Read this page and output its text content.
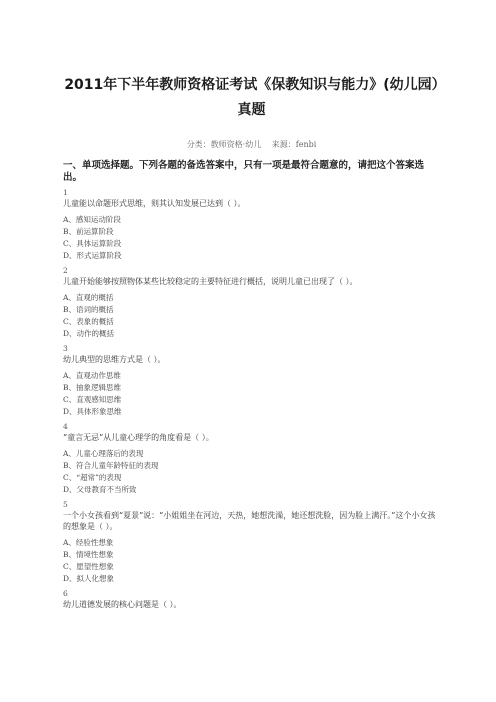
2011年下半年教师资格证考试《保教知识与能力》(幼儿园）真题
分类：教师资格·幼儿 来源：fenbi
一、单项选择题。下列各题的备选答案中，只有一项是最符合题意的，请把这个答案选出。
1
儿童能以命题形式思维，则其认知发展已达到（ ）。
A、感知运动阶段
B、前运算阶段
C、具体运算阶段
D、形式运算阶段
2
儿童开始能够按照物体某些比较稳定的主要特征进行概括，说明儿童已出现了（ ）。
A、直观的概括
B、语词的概括
C、表象的概括
D、动作的概括
3
幼儿典型的思维方式是（ ）。
A、直观动作思维
B、抽象逻辑思维
C、直观感知思维
D、具体形象思维
4
“童言无忌”从儿童心理学的角度看是（ ）。
A、儿童心理落后的表现
B、符合儿童年龄特征的表现
C、“超常”的表现
D、父母教育不当所致
5
一个小女孩看到“夏景”说：“小姐姐坐在河边，天热，她想洗澡，她还想洗脸，因为脸上满汗。”这个小女孩的想象是（ ）。
A、经验性想象
B、情境性想象
C、愿望性想象
D、拟人化想象
6
幼儿道德发展的核心问题是（ ）。
